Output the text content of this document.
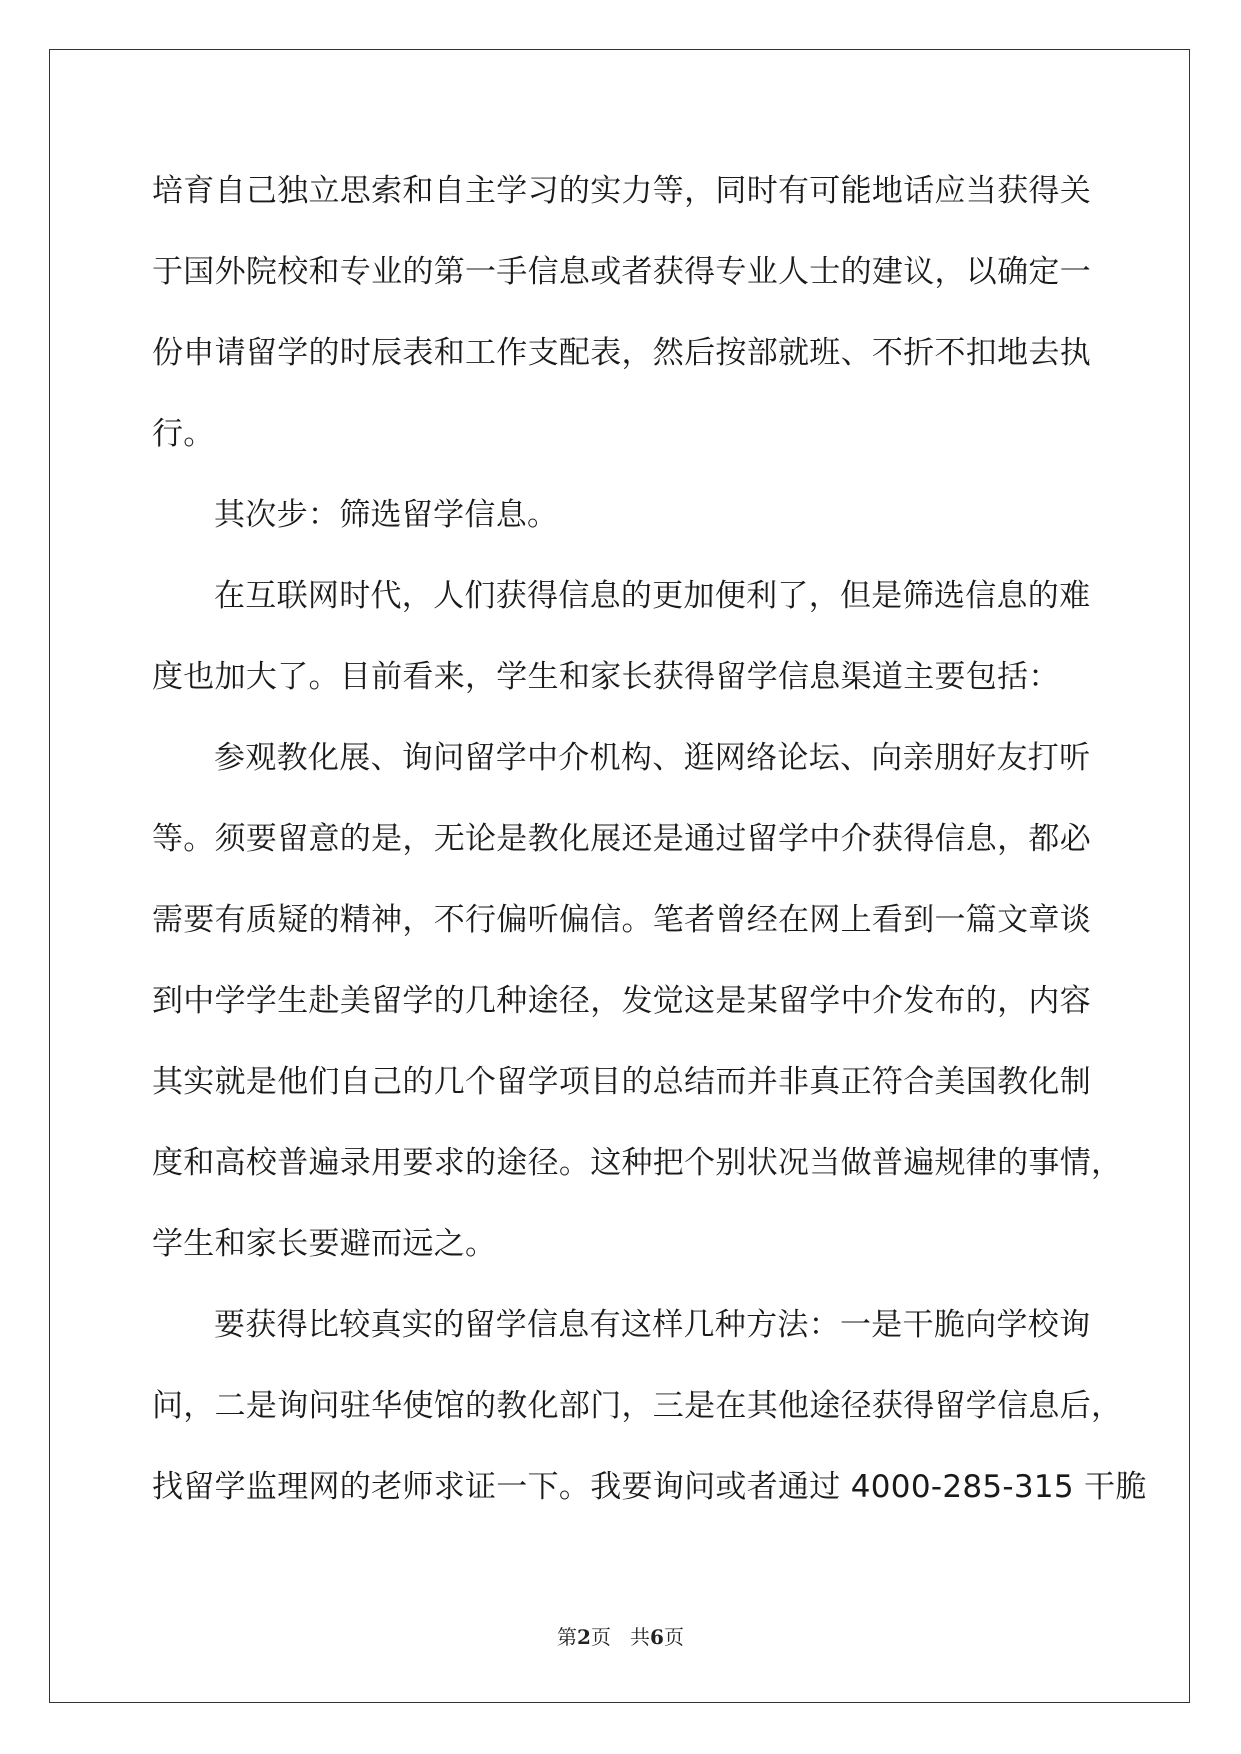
培育自己独立思索和自主学习的实力等，同时有可能地话应当获得关
于国外院校和专业的第一手信息或者获得专业人士的建议，以确定一
份申请留学的时辰表和工作支配表，然后按部就班、不折不扣地去执
行。
其次步：筛选留学信息。
在互联网时代，人们获得信息的更加便利了，但是筛选信息的难
度也加大了。目前看来，学生和家长获得留学信息渠道主要包括：
参观教化展、询问留学中介机构、逛网络论坛、向亲朋好友打听
等。须要留意的是，无论是教化展还是通过留学中介获得信息，都必
需要有质疑的精神，不行偏听偏信。笔者曾经在网上看到一篇文章谈
到中学学生赴美留学的几种途径，发觉这是某留学中介发布的，内容
其实就是他们自己的几个留学项目的总结而并非真正符合美国教化制
度和高校普遍录用要求的途径。这种把个别状况当做普遍规律的事情，
学生和家长要避而远之。
要获得比较真实的留学信息有这样几种方法：一是干脆向学校询
问，二是询问驻华使馆的教化部门，三是在其他途径获得留学信息后，
找留学监理网的老师求证一下。我要询问或者通过 4000-285-315 干脆
第2页   共6页
